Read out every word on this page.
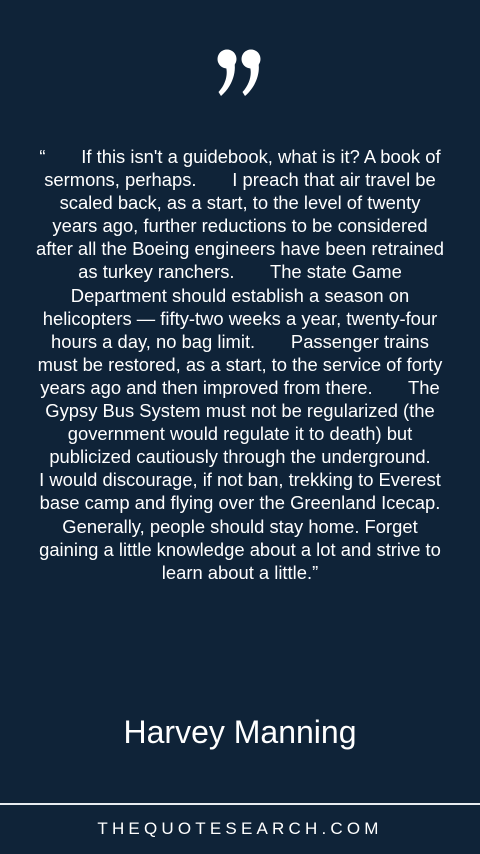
“       If this isn't a guidebook, what is it? A book of sermons, perhaps.       I preach that air travel be scaled back, as a start, to the level of twenty years ago, further reductions to be considered after all the Boeing engineers have been retrained as turkey ranchers.       The state Game Department should establish a season on helicopters — fifty-two weeks a year, twenty-four hours a day, no bag limit.       Passenger trains must be restored, as a start, to the service of forty years ago and then improved from there.       The Gypsy Bus System must not be regularized (the government would regulate it to death) but publicized cautiously through the underground.       I would discourage, if not ban, trekking to Everest base camp and flying over the Greenland Icecap. Generally, people should stay home. Forget gaining a little knowledge about a lot and strive to learn about a little.”
Harvey Manning
THEQUOTESEARCH.COM
